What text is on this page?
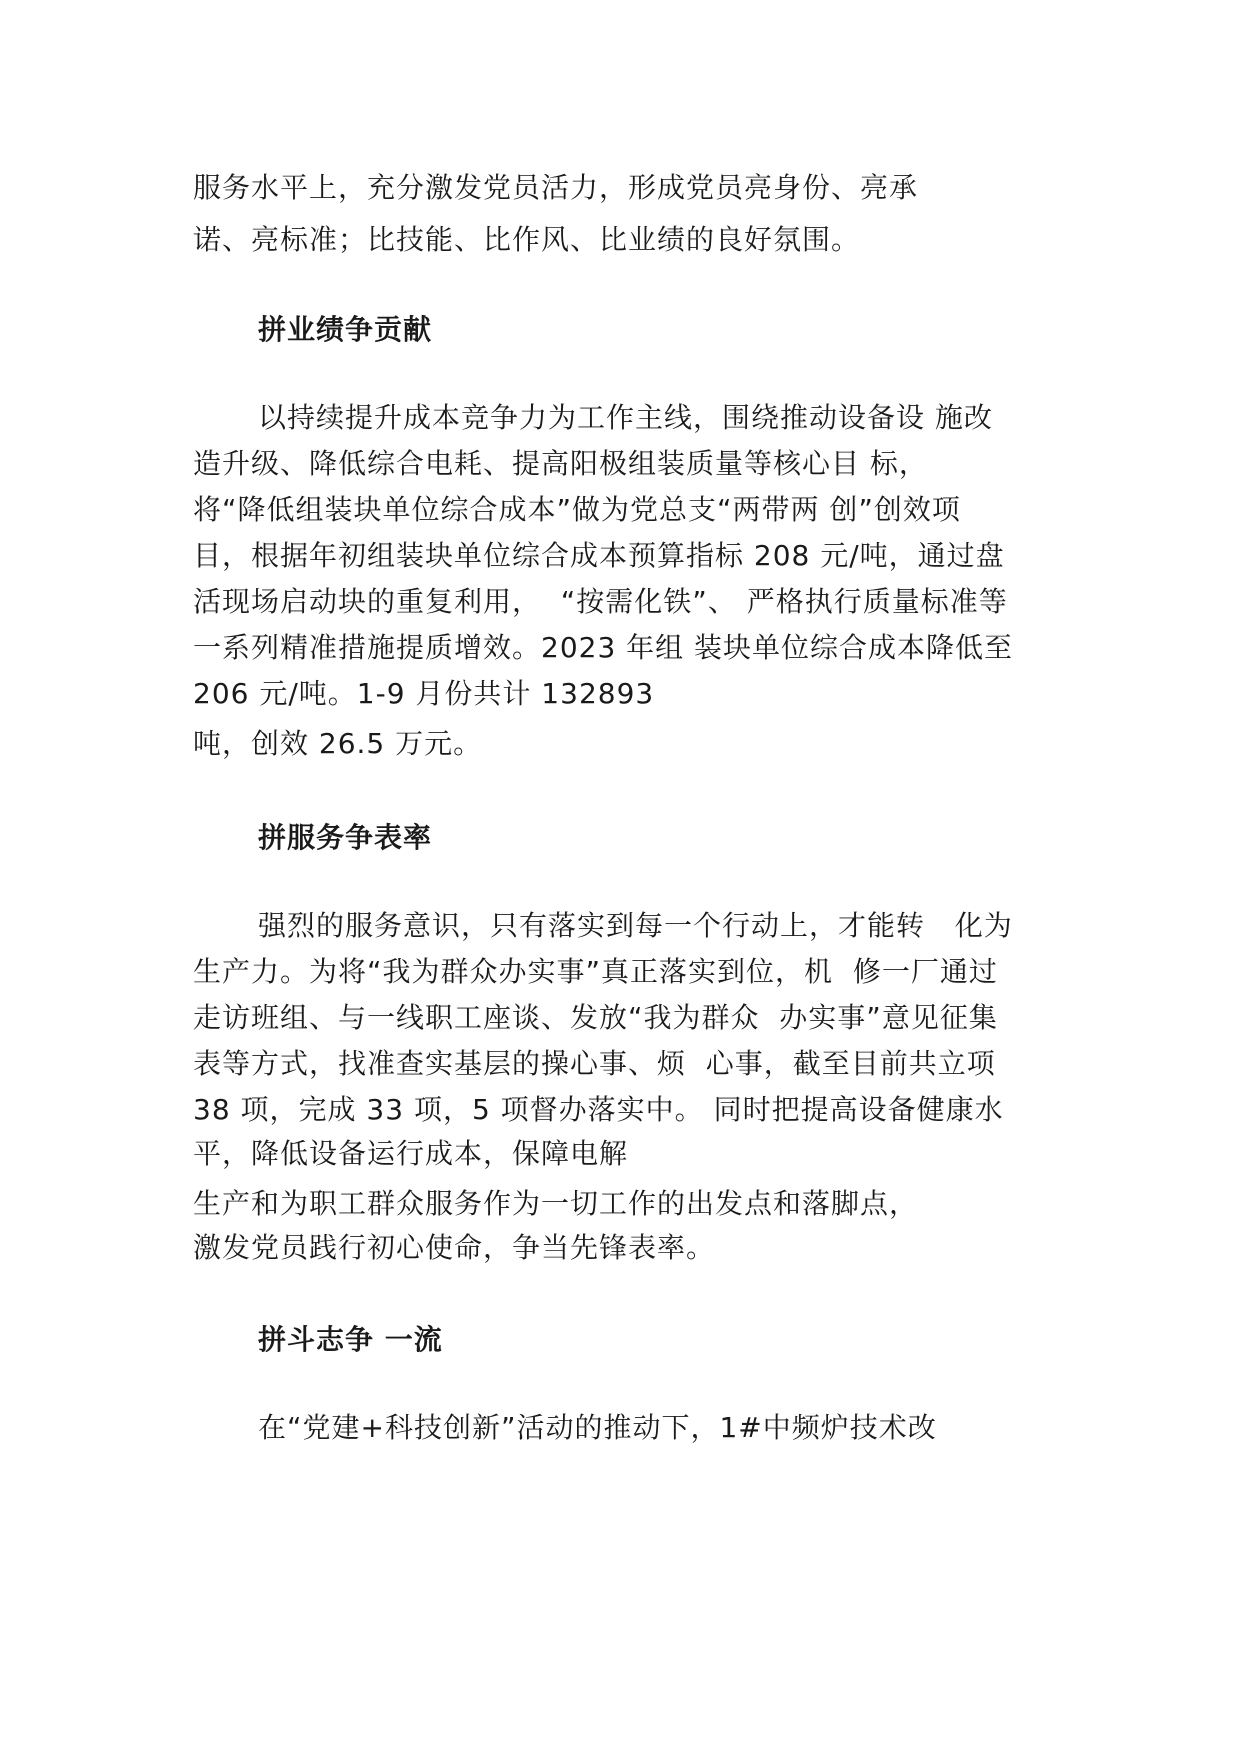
服务水平上，充分激发党员活力，形成党员亮身份、亮承
诺、亮标准；比技能、比作风、比业绩的良好氛围。
拼业绩争贡献
以持续提升成本竞争力为工作主线，围绕推动设备设 施改
造升级、降低综合电耗、提高阳极组装质量等核心目 标，
将“降低组装块单位综合成本”做为党总支“两带两 创”创效项
目，根据年初组装块单位综合成本预算指标 208 元/吨，通过盘
活现场启动块的重复利用，  “按需化铁”、 严格执行质量标准等
一系列精准措施提质增效。2023 年组 装块单位综合成本降低至
206 元/吨。1-9 月份共计 132893
吨，创效 26.5 万元。
拼服务争表率
强烈的服务意识，只有落实到每一个行动上，才能转   化为
生产力。为将“我为群众办实事”真正落实到位，机  修一厂通过
走访班组、与一线职工座谈、发放“我为群众  办实事”意见征集
表等方式，找准查实基层的操心事、烦  心事，截至目前共立项
38 项，完成 33 项，5 项督办落实中。 同时把提高设备健康水
平，降低设备运行成本，保障电解
生产和为职工群众服务作为一切工作的出发点和落脚点，
激发党员践行初心使命，争当先锋表率。
拼斗志争 一流
在“党建+科技创新”活动的推动下，1#中频炉技术改
